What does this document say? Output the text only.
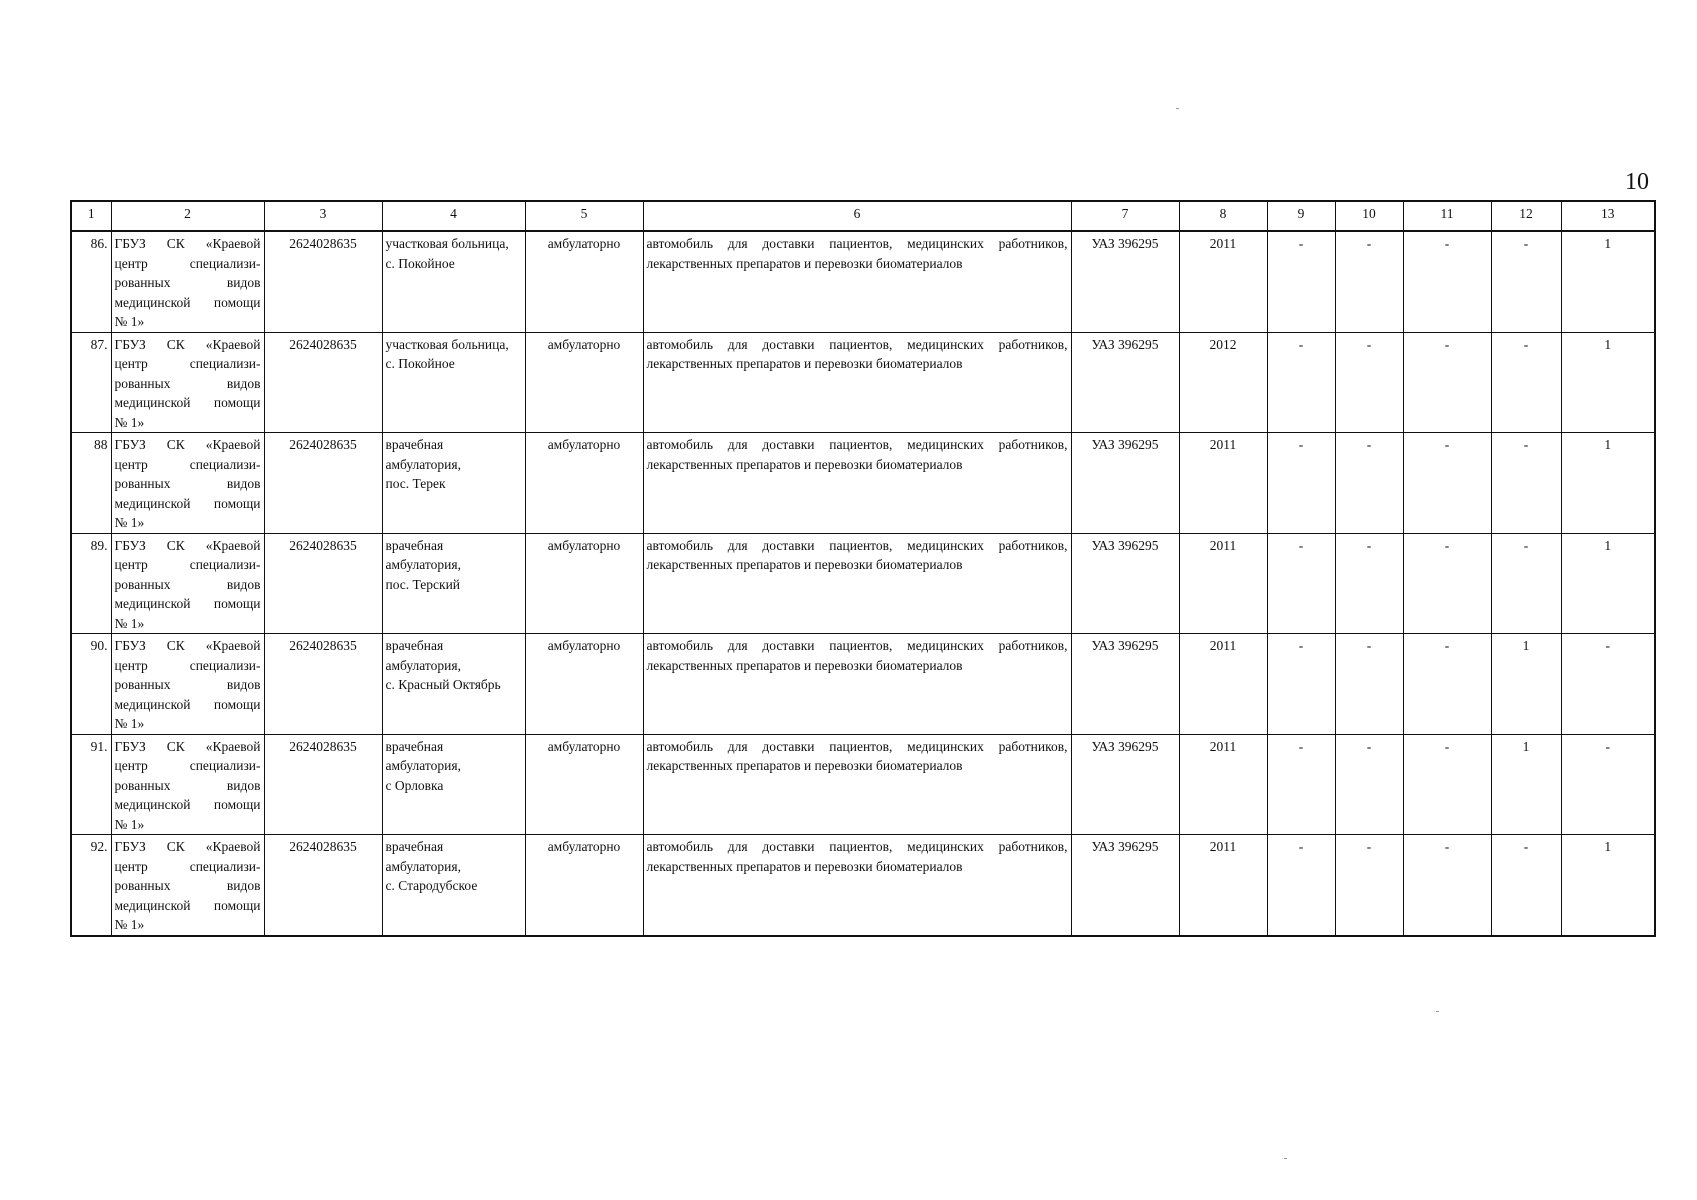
10
1	2	3	4	5	6	7	8	9	10	11	12	13
86.	ГБУЗ СК «Краевой
центр специализи-
рованных видов
медицинской помощи
№ 1»	2624028635	участковая больница,
с. Покойное	амбулаторно	автомобиль для доставки пациентов, медицинских работников,
лекарственных препаратов и перевозки биоматериалов	УАЗ 396295	2011	-	-	-	-	1
87.	ГБУЗ СК «Краевой
центр специализи-
рованных видов
медицинской помощи
№ 1»	2624028635	участковая больница,
с. Покойное	амбулаторно	автомобиль для доставки пациентов, медицинских работников,
лекарственных препаратов и перевозки биоматериалов	УАЗ 396295	2012	-	-	-	-	1
88	ГБУЗ СК «Краевой
центр специализи-
рованных видов
медицинской помощи
№ 1»	2624028635	врачебная
амбулатория,
пос. Терек	амбулаторно	автомобиль для доставки пациентов, медицинских работников,
лекарственных препаратов и перевозки биоматериалов	УАЗ 396295	2011	-	-	-	-	1
89.	ГБУЗ СК «Краевой
центр специализи-
рованных видов
медицинской помощи
№ 1»	2624028635	врачебная
амбулатория,
пос. Терский	амбулаторно	автомобиль для доставки пациентов, медицинских работников,
лекарственных препаратов и перевозки биоматериалов	УАЗ 396295	2011	-	-	-	-	1
90.	ГБУЗ СК «Краевой
центр специализи-
рованных видов
медицинской помощи
№ 1»	2624028635	врачебная
амбулатория,
с. Красный Октябрь	амбулаторно	автомобиль для доставки пациентов, медицинских работников,
лекарственных препаратов и перевозки биоматериалов	УАЗ 396295	2011	-	-	-	1	-
91.	ГБУЗ СК «Краевой
центр специализи-
рованных видов
медицинской помощи
№ 1»	2624028635	врачебная
амбулатория,
с Орловка	амбулаторно	автомобиль для доставки пациентов, медицинских работников,
лекарственных препаратов и перевозки биоматериалов	УАЗ 396295	2011	-	-	-	1	-
92.	ГБУЗ СК «Краевой
центр специализи-
рованных видов
медицинской помощи
№ 1»	2624028635	врачебная
амбулатория,
с. Стародубское	амбулаторно	автомобиль для доставки пациентов, медицинских работников,
лекарственных препаратов и перевозки биоматериалов	УАЗ 396295	2011	-	-	-	-	1
